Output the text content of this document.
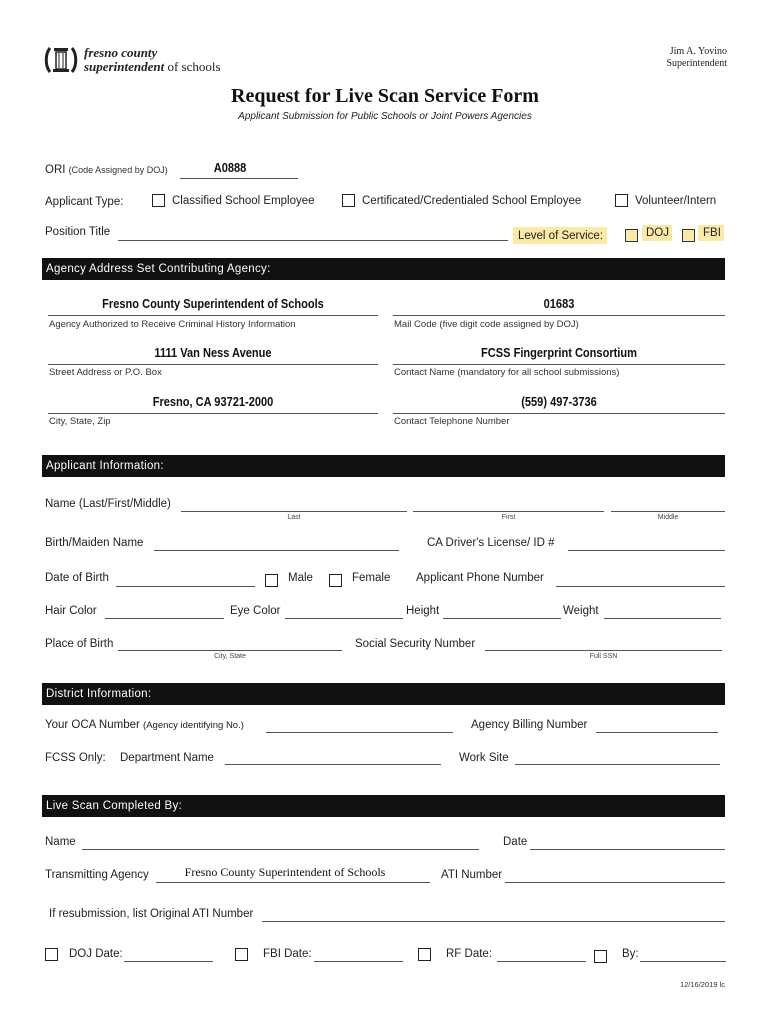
fresno county
superintendent of schools
Jim A. Yovino
Superintendent
Request for Live Scan Service Form
Applicant Submission for Public Schools or Joint Powers Agencies
ORI (Code Assigned by DOJ)	A0888
Applicant Type:	Classified School Employee	Certificated/Credentialed School Employee	Volunteer/Intern
Position Title	Level of Service:	DOJ	FBI
Agency Address Set Contributing Agency:
Fresno County Superintendent of Schools
Agency Authorized to Receive Criminal History Information
01683
Mail Code (five digit code assigned by DOJ)
1111 Van Ness Avenue
Street Address or P.O. Box
FCSS Fingerprint Consortium
Contact Name (mandatory for all school submissions)
Fresno, CA 93721-2000
City, State, Zip
(559) 497-3736
Contact Telephone Number
Applicant Information:
Name (Last/First/Middle)
Last	First	Middle
Birth/Maiden Name	CA Driver's License/ ID #
Date of Birth	Male	Female Applicant Phone Number
Hair Color	Eye Color	Height	Weight
Place of Birth
City, State
Social Security Number
Full SSN
District Information:
Your OCA Number (Agency identifying No.)	Agency Billing Number
FCSS Only: Department Name	Work Site
Live Scan Completed By:
Name	Date
Transmitting Agency	Fresno County Superintendent of Schools	ATI Number
If resubmission, list Original ATI Number
DOJ Date:	FBI Date:	RF Date:	By:
12/16/2019 lc
